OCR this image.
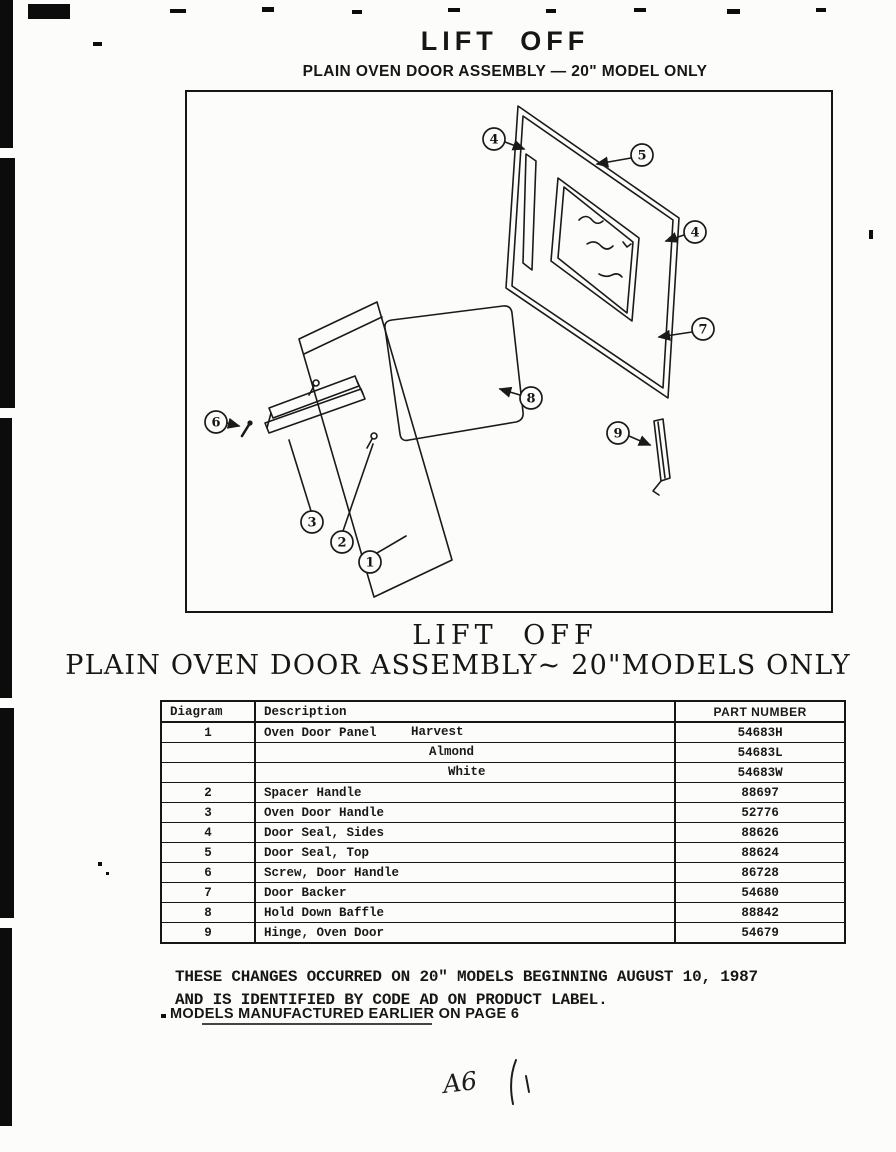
LIFT OFF
PLAIN OVEN DOOR ASSEMBLY — 20" MODEL ONLY
4
5
4
7
8
9
6
3
2
1
LIFT OFF
PLAIN OVEN DOOR ASSEMBLY~ 20"MODELS ONLY
Diagram	Description	PART NUMBER
1	Oven Door Panel Harvest	54683H

	Almond	54683L

	White	54683W
2	Spacer Handle	88697
3	Oven Door Handle	52776
4	Door Seal, Sides	88626
5	Door Seal, Top	88624
6	Screw, Door Handle	86728
7	Door Backer	54680
8	Hold Down Baffle	88842
9	Hinge, Oven Door	54679

THESE CHANGES OCCURRED ON 20" MODELS BEGINNING AUGUST 10, 1987
AND IS IDENTIFIED BY CODE AD ON PRODUCT LABEL.

MODELS MANUFACTURED EARLIER ON PAGE 6
A6
